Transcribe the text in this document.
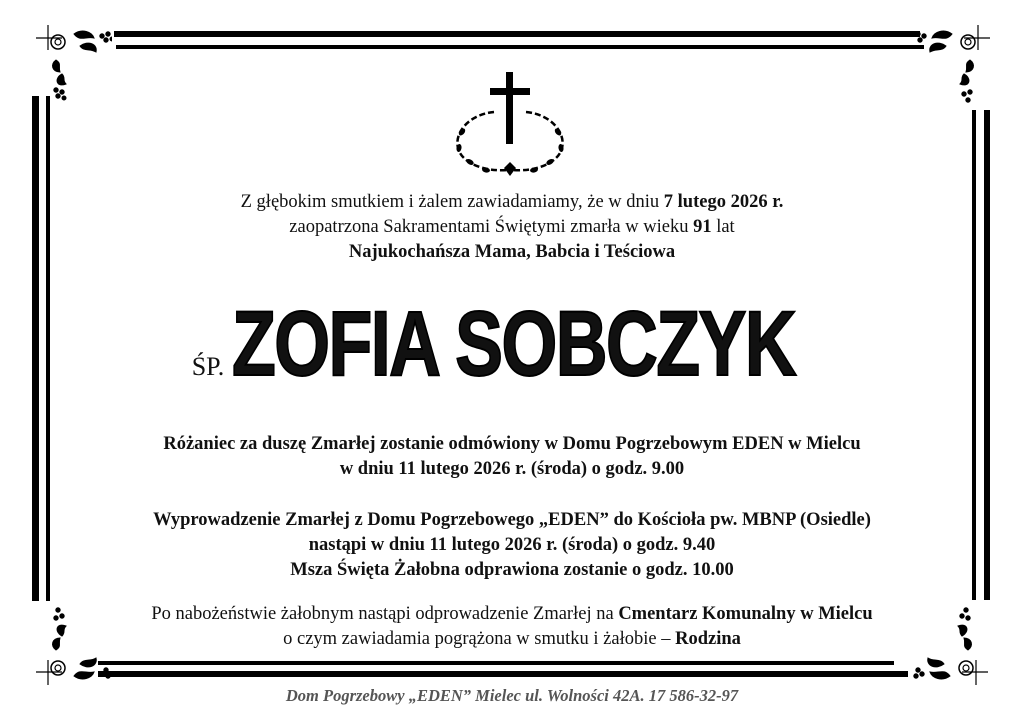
Z głębokim smutkiem i żalem zawiadamiamy, że w dniu 7 lutego 2026 r.
zaopatrzona Sakramentami Świętymi zmarła w wieku 91 lat
Najukochańsza Mama, Babcia i Teściowa
ŚP.ZOFIA SOBCZYK
Różaniec za duszę Zmarłej zostanie odmówiony w Domu Pogrzebowym EDEN w Mielcu
w dniu 11 lutego 2026 r. (środa) o godz. 9.00
Wyprowadzenie Zmarłej z Domu Pogrzebowego „EDEN” do Kościoła pw. MBNP (Osiedle)
nastąpi w dniu 11 lutego 2026 r. (środa) o godz. 9.40
Msza Święta Żałobna odprawiona zostanie o godz. 10.00
Po nabożeństwie żałobnym nastąpi odprowadzenie Zmarłej na Cmentarz Komunalny w Mielcu
o czym zawiadamia pogrążona w smutku i żałobie – Rodzina
Dom Pogrzebowy „EDEN” Mielec ul. Wolności 42A. 17 586-32-97
